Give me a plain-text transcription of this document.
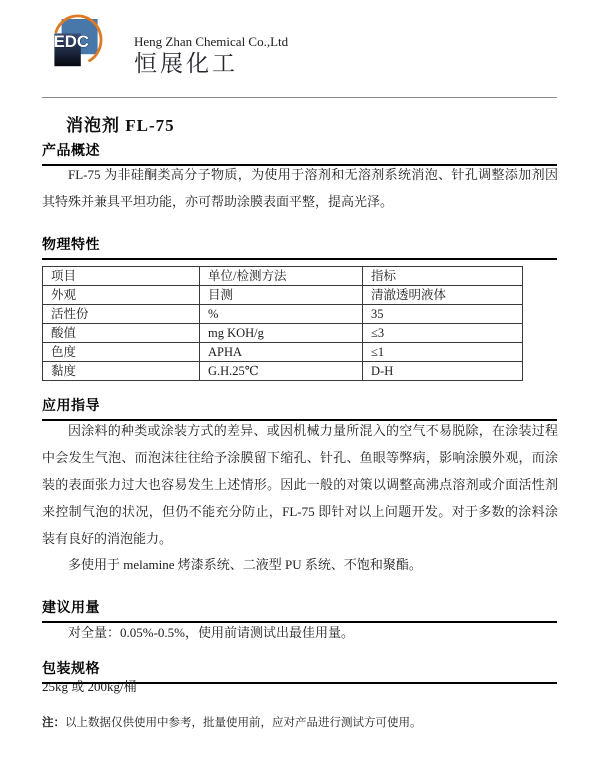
EDC	Heng Zhan Chemical Co.,Ltd
恒展化工
消泡剂 FL-75
产品概述

FL-75 为非硅酮类高分子物质，为使用于溶剂和无溶剂系统消泡、针孔调整添加剂因其特殊并兼具平坦功能，亦可帮助涂膜表面平整，提高光泽。

物理特性
项目	单位/检测方法	指标
外观	目测	清澈透明液体
活性份	%	35
酸值	mg KOH/g	≤3
色度	APHA	≤1
黏度	G.H.25℃	D-H
应用指导

因涂料的种类或涂装方式的差异、或因机械力量所混入的空气不易脱除，在涂装过程中会发生气泡、而泡沫往往给予涂膜留下缩孔、针孔、鱼眼等弊病，影响涂膜外观，而涂装的表面张力过大也容易发生上述情形。因此一般的对策以调整高沸点溶剂或介面活性剂来控制气泡的状况，但仍不能充分防止，FL-75 即针对以上问题开发。对于多数的涂料涂装有良好的消泡能力。

多使用于 melamine 烤漆系统、二液型 PU 系统、不饱和聚酯。

建议用量

对全量：0.05%-0.5%，使用前请测试出最佳用量。

包装规格

25kg 或 200kg/桶

注：以上数据仅供使用中参考，批量使用前，应对产品进行测试方可使用。
